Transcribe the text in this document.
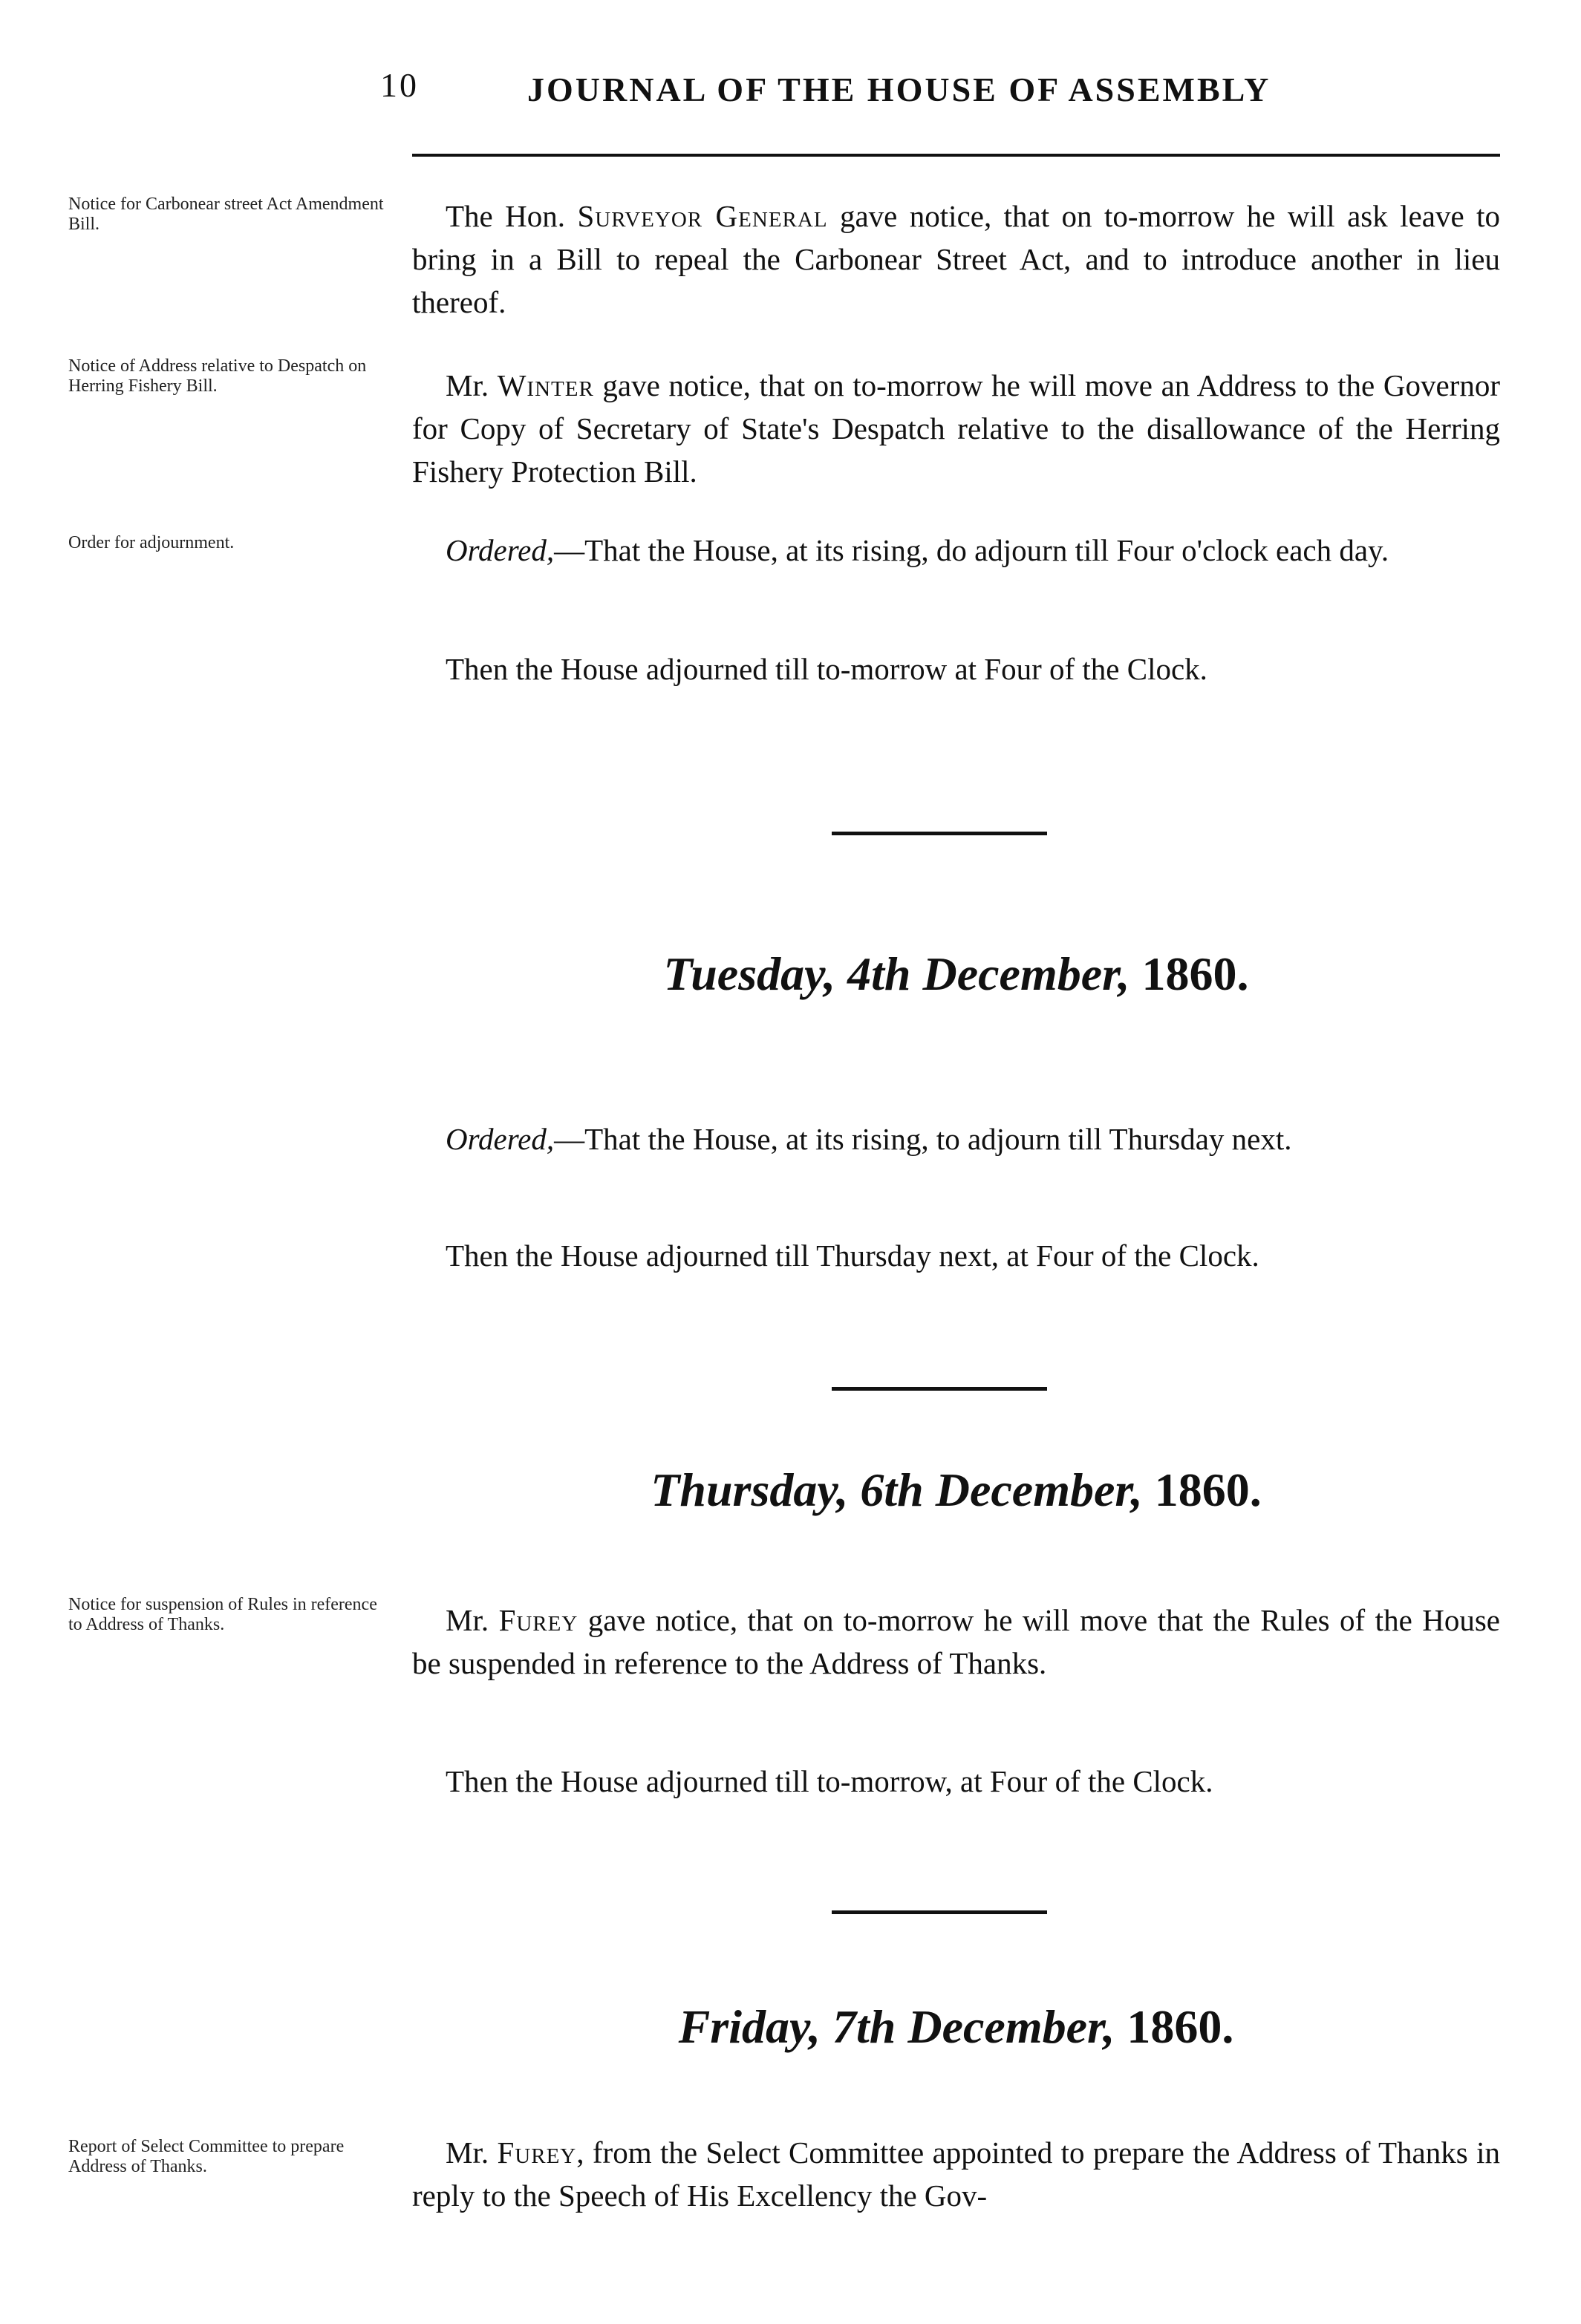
10	JOURNAL OF THE HOUSE OF ASSEMBLY
Notice for Carbonear street Act Amendment Bill.	The Hon. Surveyor General gave notice, that on to-morrow he will ask leave to bring in a Bill to repeal the Carbonear Street Act, and to introduce another in lieu thereof.
Notice of Address relative to Despatch on Herring Fishery Bill.	Mr. Winter gave notice, that on to-morrow he will move an Address to the Governor for Copy of Secretary of State's Despatch relative to the disallowance of the Herring Fishery Protection Bill.
Order for adjournment.	Ordered,—That the House, at its rising, do adjourn till Four o'clock each day.
Then the House adjourned till to-morrow at Four of the Clock.
Tuesday, 4th December, 1860.
Ordered,—That the House, at its rising, to adjourn till Thursday next.
Then the House adjourned till Thursday next, at Four of the Clock.
Thursday, 6th December, 1860.
Notice for suspension of Rules in reference to Address of Thanks.	Mr. Furey gave notice, that on to-morrow he will move that the Rules of the House be suspended in reference to the Address of Thanks.
Then the House adjourned till to-morrow, at Four of the Clock.
Friday, 7th December, 1860.
Report of Select Committee to prepare Address of Thanks.	Mr. Furey, from the Select Committee appointed to prepare the Address of Thanks in reply to the Speech of His Excellency the Gov-
